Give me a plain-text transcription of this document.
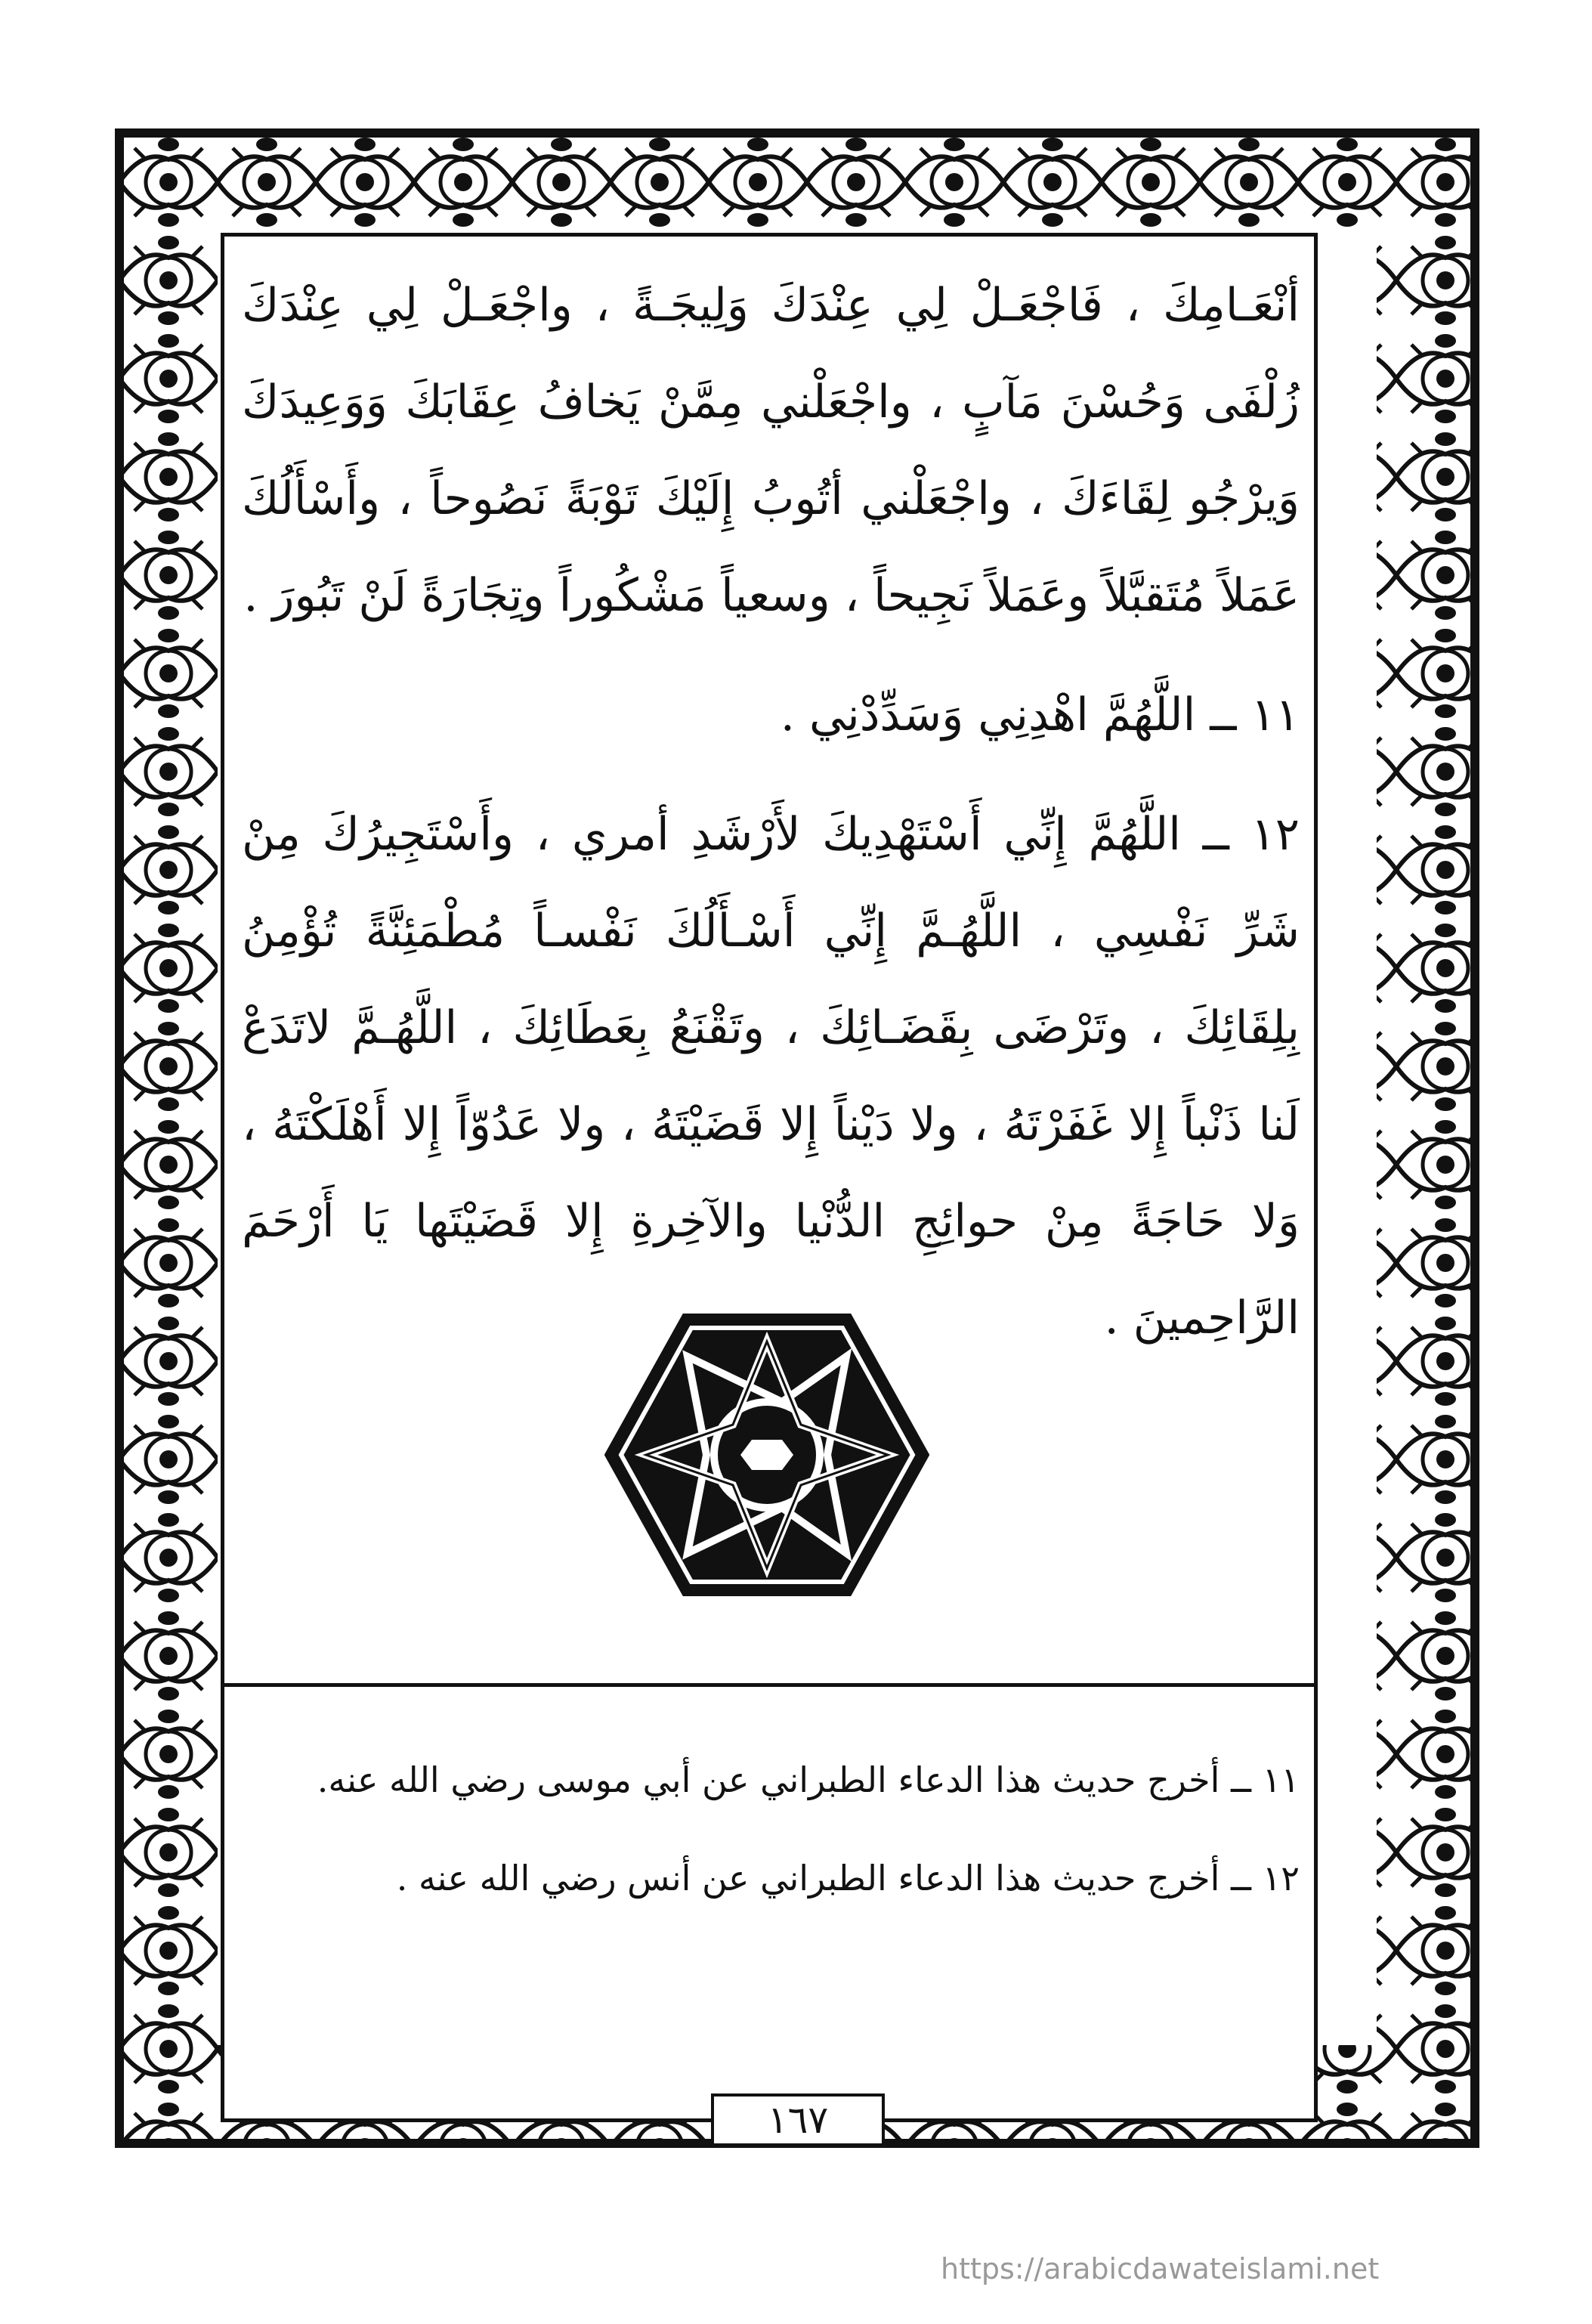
أنْعَـامِكَ ، فَاجْعَـلْ لِي عِنْدَكَ وَلِيجَـةً ، واجْعَـلْ لِي عِنْدَكَ زُلْفَى وَحُسْنَ مَآبٍ ، واجْعَلْني مِمَّنْ يَخافُ عِقَابَكَ وَوَعِيدَكَ وَيرْجُو لِقَاءَكَ ، واجْعَلْني أتُوبُ إِلَيْكَ تَوْبَةً نَصُوحاً ، وأَسْأَلُكَ عَمَلاً مُتَقبَّلاً وعَمَلاً نَجِيحاً ، وسعياً مَشْكُوراً وتِجَارَةً لَنْ تَبُورَ .

١١ ــ اللَّهُمَّ اهْدِنِي وَسَدِّدْنِي .

١٢ ــ اللَّهُمَّ إِنِّي أَسْتَهْدِيكَ لأَرْشَدِ أمري ، وأَسْتَجِيرُكَ مِنْ شَرِّ نَفْسِي ، اللَّهُـمَّ إِنِّي أَسْـأَلُكَ نَفْسـاً مُطْمَئِنَّةً تُؤْمِنُ بِلِقَائِكَ ، وتَرْضَى بِقَضَـائِكَ ، وتَقْنَعُ بِعَطَائِكَ ، اللَّهُـمَّ لاتَدَعْ لَنا ذَنْباً إِلا غَفَرْتَهُ ، ولا دَيْناً إِلا قَضَيْتَهُ ، ولا عَدُوّاً إِلا أَهْلَكْتَهُ ، وَلا حَاجَةً مِنْ حوائِجِ الدُّنْيا والآخِرةِ إِلا قَضَيْتَها يَا أَرْحَمَ الرَّاحِمينَ .

١١ ــ أخرج حديث هذا الدعاء الطبراني عن أبي موسى رضي الله عنه.

١٢ ــ أخرج حديث هذا الدعاء الطبراني عن أنس رضي الله عنه .

١٦٧
https://arabicdawateislami.net
